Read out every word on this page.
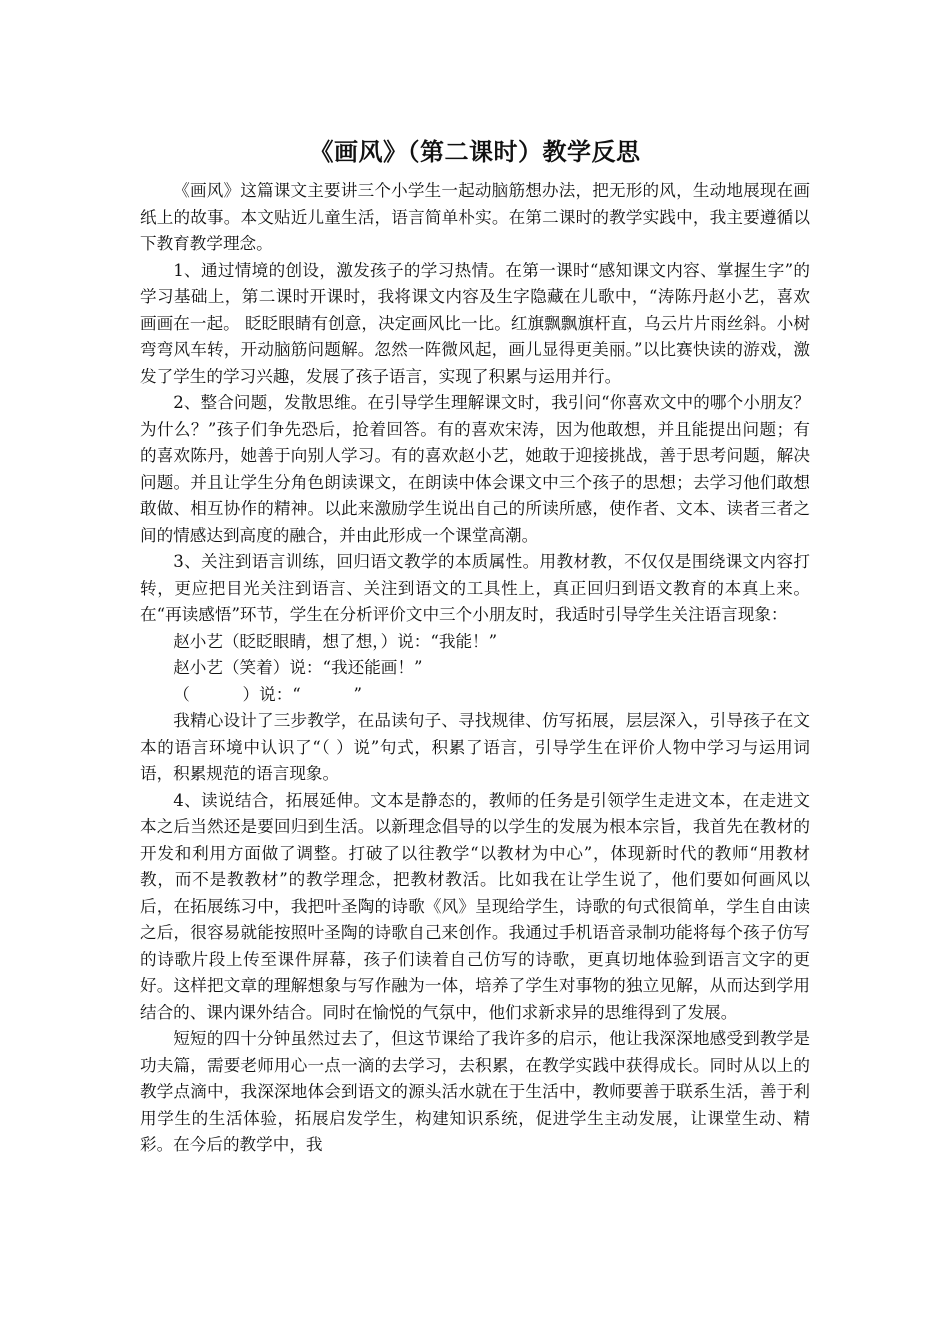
《画风》（第二课时）教学反思

《画风》这篇课文主要讲三个小学生一起动脑筋想办法，把无形的风，生动地展现在画纸上的故事。本文贴近儿童生活，语言简单朴实。在第二课时的教学实践中，我主要遵循以下教育教学理念。

1、通过情境的创设，激发孩子的学习热情。在第一课时“感知课文内容、掌握生字”的学习基础上，第二课时开课时，我将课文内容及生字隐藏在儿歌中，“涛陈丹赵小艺，喜欢画画在一起。 眨眨眼睛有创意，决定画风比一比。红旗飘飘旗杆直，乌云片片雨丝斜。小树弯弯风车转，开动脑筋问题解。忽然一阵微风起，画儿显得更美丽。”以比赛快读的游戏，激发了学生的学习兴趣，发展了孩子语言，实现了积累与运用并行。

2、整合问题，发散思维。在引导学生理解课文时，我引问“你喜欢文中的哪个小朋友？为什么？”孩子们争先恐后，抢着回答。有的喜欢宋涛，因为他敢想，并且能提出问题；有的喜欢陈丹，她善于向别人学习。有的喜欢赵小艺，她敢于迎接挑战，善于思考问题，解决问题。并且让学生分角色朗读课文，在朗读中体会课文中三个孩子的思想；去学习他们敢想敢做、相互协作的精神。以此来激励学生说出自己的所读所感，使作者、文本、读者三者之间的情感达到高度的融合，并由此形成一个课堂高潮。

3、关注到语言训练，回归语文教学的本质属性。用教材教，不仅仅是围绕课文内容打转，更应把目光关注到语言、关注到语文的工具性上，真正回归到语文教育的本真上来。在“再读感悟”环节，学生在分析评价文中三个小朋友时，我适时引导学生关注语言现象：

赵小艺（眨眨眼睛，想了想，）说：“我能！”

赵小艺（笑着）说：“我还能画！”

（          ）说：“          ”

我精心设计了三步教学，在品读句子、寻找规律、仿写拓展，层层深入，引导孩子在文本的语言环境中认识了“（ ）说”句式，积累了语言，引导学生在评价人物中学习与运用词语，积累规范的语言现象。

4、读说结合，拓展延伸。文本是静态的，教师的任务是引领学生走进文本，在走进文本之后当然还是要回归到生活。以新理念倡导的以学生的发展为根本宗旨，我首先在教材的开发和利用方面做了调整。打破了以往教学“以教材为中心”，体现新时代的教师“用教材教，而不是教教材”的教学理念，把教材教活。比如我在让学生说了，他们要如何画风以后，在拓展练习中，我把叶圣陶的诗歌《风》呈现给学生，诗歌的句式很简单，学生自由读之后，很容易就能按照叶圣陶的诗歌自己来创作。我通过手机语音录制功能将每个孩子仿写的诗歌片段上传至课件屏幕，孩子们读着自己仿写的诗歌，更真切地体验到语言文字的更好。这样把文章的理解想象与写作融为一体，培养了学生对事物的独立见解，从而达到学用结合的、课内课外结合。同时在愉悦的气氛中，他们求新求异的思维得到了发展。

短短的四十分钟虽然过去了，但这节课给了我许多的启示，他让我深深地感受到教学是功夫篇，需要老师用心一点一滴的去学习，去积累，在教学实践中获得成长。同时从以上的教学点滴中，我深深地体会到语文的源头活水就在于生活中，教师要善于联系生活，善于利用学生的生活体验，拓展启发学生，构建知识系统，促进学生主动发展，让课堂生动、精彩。在今后的教学中，我
